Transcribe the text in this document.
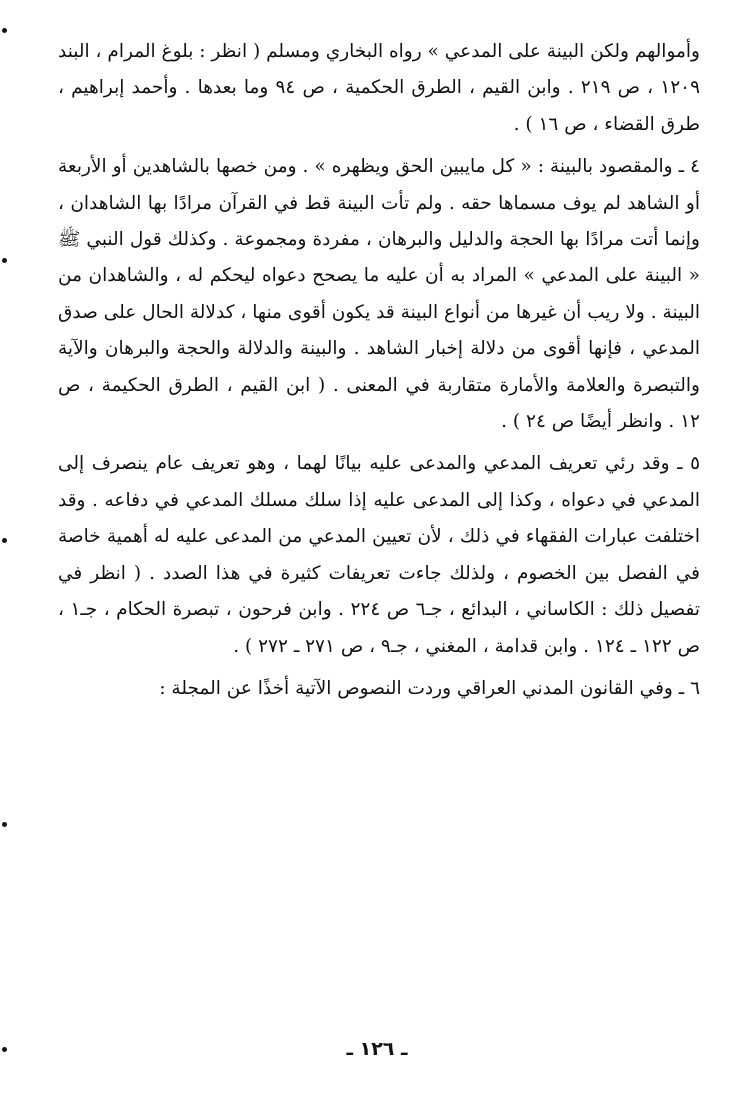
وأموالهم ولكن البينة على المدعي » رواه البخاري ومسلم ( انظر : بلوغ المرام ، البند ١٢٠٩ ، ص ٢١٩ . وابن القيم ، الطرق الحكمية ، ص ٩٤ وما بعدها . وأحمد إبراهيم ، طرق القضاء ، ص ١٦ ) .

٤ ـ والمقصود بالبينة : « كل مايبين الحق ويظهره » . ومن خصها بالشاهدين أو الأربعة أو الشاهد لم يوف مسماها حقه . ولم تأت البينة قط في القرآن مرادًا بها الشاهدان ، وإنما أتت مرادًا بها الحجة والدليل والبرهان ، مفردة ومجموعة . وكذلك قول النبي ﷺ « البينة على المدعي » المراد به أن عليه ما يصحح دعواه ليحكم له ، والشاهدان من البينة . ولا ريب أن غيرها من أنواع البينة قد يكون أقوى منها ، كدلالة الحال على صدق المدعي ، فإنها أقوى من دلالة إخبار الشاهد . والبينة والدلالة والحجة والبرهان والآية والتبصرة والعلامة والأمارة متقاربة في المعنى . ( ابن القيم ، الطرق الحكيمة ، ص ١٢ . وانظر أيضًا ص ٢٤ ) .

٥ ـ وقد رئي تعريف المدعي والمدعى عليه بيانًا لهما ، وهو تعريف عام ينصرف إلى المدعي في دعواه ، وكذا إلى المدعى عليه إذا سلك مسلك المدعي في دفاعه . وقد اختلفت عبارات الفقهاء في ذلك ، لأن تعيين المدعي من المدعى عليه له أهمية خاصة في الفصل بين الخصوم ، ولذلك جاءت تعريفات كثيرة في هذا الصدد . ( انظر في تفصيل ذلك : الكاساني ، البدائع ، جـ٦ ص ٢٢٤ . وابن فرحون ، تبصرة الحكام ، جـ١ ، ص ١٢٢ ـ ١٢٤ . وابن قدامة ، المغني ، جـ٩ ، ص ٢٧١ ـ ٢٧٢ ) .

٦ ـ وفي القانون المدني العراقي وردت النصوص الآتية أخذًا عن المجلة :

ـ ١٢٦ ـ
